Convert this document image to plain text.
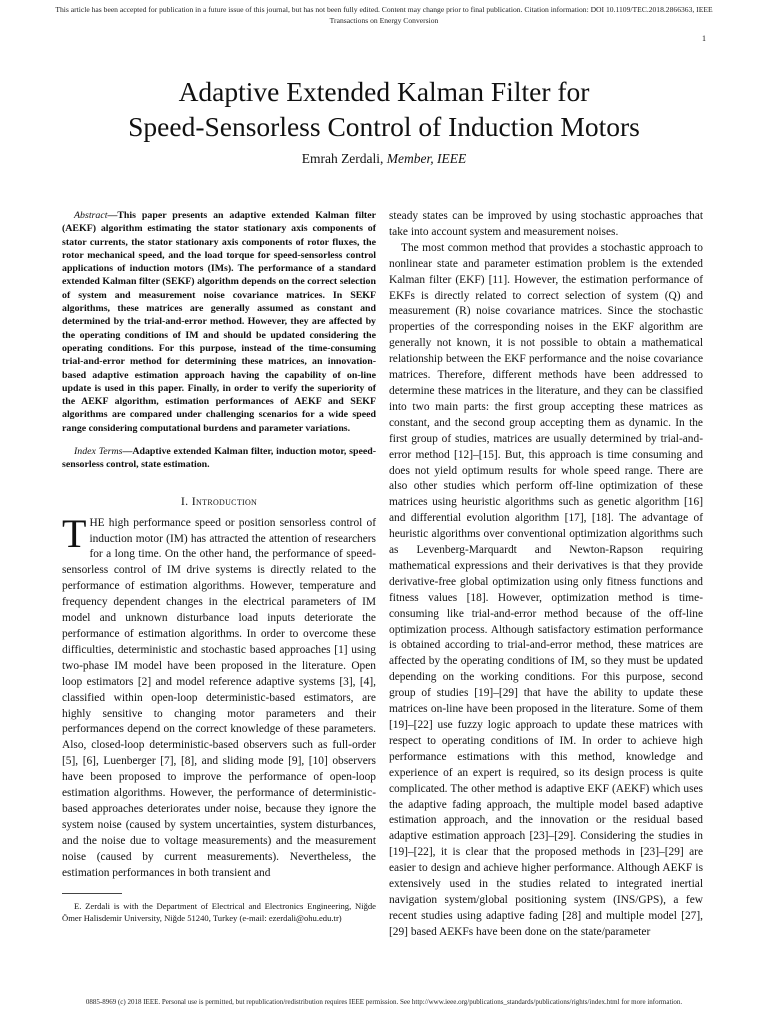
This article has been accepted for publication in a future issue of this journal, but has not been fully edited. Content may change prior to final publication. Citation information: DOI 10.1109/TEC.2018.2866363, IEEE
Transactions on Energy Conversion
1
Adaptive Extended Kalman Filter for
Speed-Sensorless Control of Induction Motors
Emrah Zerdali, Member, IEEE

Abstract—This paper presents an adaptive extended Kalman filter (AEKF) algorithm estimating the stator stationary axis components of stator currents, the stator stationary axis components of rotor fluxes, the rotor mechanical speed, and the load torque for speed-sensorless control applications of induction motors (IMs). The performance of a standard extended Kalman filter (SEKF) algorithm depends on the correct selection of system and measurement noise covariance matrices. In SEKF algorithms, these matrices are generally assumed as constant and determined by the trial-and-error method. However, they are affected by the operating conditions of IM and should be updated considering the operating conditions. For this purpose, instead of the time-consuming trial-and-error method for determining these matrices, an innovation-based adaptive estimation approach having the capability of on-line update is used in this paper. Finally, in order to verify the superiority of the AEKF algorithm, estimation performances of AEKF and SEKF algorithms are compared under challenging scenarios for a wide speed range considering computational burdens and parameter variations.

Index Terms—Adaptive extended Kalman filter, induction motor, speed-sensorless control, state estimation.

I. Introduction

THE high performance speed or position sensorless control of induction motor (IM) has attracted the attention of researchers for a long time. On the other hand, the performance of speed-sensorless control of IM drive systems is directly related to the performance of estimation algorithms. However, temperature and frequency dependent changes in the electrical parameters of IM model and unknown disturbance load inputs deteriorate the performance of estimation algorithms. In order to overcome these difficulties, deterministic and stochastic based approaches [1] using two-phase IM model have been proposed in the literature. Open loop estimators [2] and model reference adaptive systems [3], [4], classified within open-loop deterministic-based estimators, are highly sensitive to changing motor parameters and their performances depend on the correct knowledge of these parameters. Also, closed-loop deterministic-based observers such as full-order [5], [6], Luenberger [7], [8], and sliding mode [9], [10] observers have been proposed to improve the performance of open-loop estimation algorithms. However, the performance of deterministic-based approaches deteriorates under noise, because they ignore the system noise (caused by system uncertainties, system disturbances, and the noise due to voltage measurements) and the measurement noise (caused by current measurements). Nevertheless, the estimation performances in both transient and

E. Zerdali is with the Department of Electrical and Electronics Engineering, Niğde Ömer Halisdemir University, Niğde 51240, Turkey (e-mail: ezerdali@ohu.edu.tr)

steady states can be improved by using stochastic approaches that take into account system and measurement noises.

The most common method that provides a stochastic approach to nonlinear state and parameter estimation problem is the extended Kalman filter (EKF) [11]. However, the estimation performance of EKFs is directly related to correct selection of system (Q) and measurement (R) noise covariance matrices. Since the stochastic properties of the corresponding noises in the EKF algorithm are generally not known, it is not possible to obtain a mathematical relationship between the EKF performance and the noise covariance matrices. Therefore, different methods have been addressed to determine these matrices in the literature, and they can be classified into two main parts: the first group accepting these matrices as constant, and the second group accepting them as dynamic. In the first group of studies, matrices are usually determined by trial-and-error method [12]–[15]. But, this approach is time consuming and does not yield optimum results for whole speed range. There are also other studies which perform off-line optimization of these matrices using heuristic algorithms such as genetic algorithm [16] and differential evolution algorithm [17], [18]. The advantage of heuristic algorithms over conventional optimization algorithms such as Levenberg-Marquardt and Newton-Rapson requiring mathematical expressions and their derivatives is that they provide derivative-free global optimization using only fitness functions and fitness values [18]. However, optimization method is time-consuming like trial-and-error method because of the off-line optimization process. Although satisfactory estimation performance is obtained according to trial-and-error method, these matrices are affected by the operating conditions of IM, so they must be updated depending on the working conditions. For this purpose, second group of studies [19]–[29] that have the ability to update these matrices on-line have been proposed in the literature. Some of them [19]–[22] use fuzzy logic approach to update these matrices with respect to operating conditions of IM. In order to achieve high performance estimations with this method, knowledge and experience of an expert is required, so its design process is quite complicated. The other method is adaptive EKF (AEKF) which uses the adaptive fading approach, the multiple model based adaptive estimation approach, and the innovation or the residual based adaptive estimation approach [23]–[29]. Considering the studies in [19]–[22], it is clear that the proposed methods in [23]–[29] are easier to design and achieve higher performance. Although AEKF is extensively used in the studies related to integrated inertial navigation system/global positioning system (INS/GPS), a few recent studies using adaptive fading [28] and multiple model [27], [29] based AEKFs have been done on the state/parameter

0885-8969 (c) 2018 IEEE. Personal use is permitted, but republication/redistribution requires IEEE permission. See http://www.ieee.org/publications_standards/publications/rights/index.html for more information.
